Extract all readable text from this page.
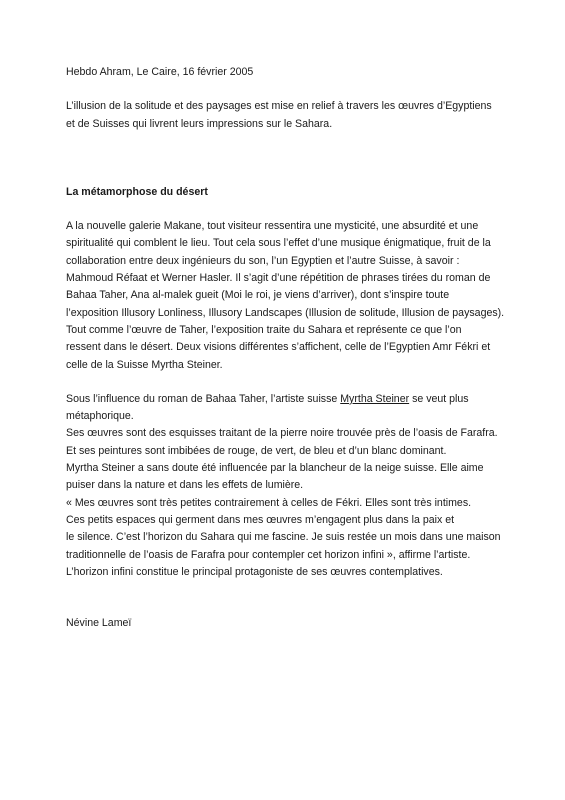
Hebdo Ahram, Le Caire, 16 février 2005
L’illusion de la solitude et des paysages est mise en relief à travers les œuvres d’Egyptiens
et de Suisses qui livrent leurs impressions sur le Sahara.
La métamorphose du désert
A la nouvelle galerie Makane, tout visiteur ressentira une mysticité, une absurdité et une
spiritualité qui comblent le lieu. Tout cela sous l’effet d’une musique énigmatique, fruit de la
collaboration entre deux ingénieurs du son, l’un Egyptien et l’autre Suisse, à savoir :
Mahmoud Réfaat et Werner Hasler. Il s’agit d’une répétition de phrases tirées du roman de
Bahaa Taher, Ana al-malek gueit (Moi le roi, je viens d’arriver), dont s’inspire toute
l’exposition Illusory Lonliness, Illusory Landscapes (Illusion de solitude, Illusion de paysages).
Tout comme l’œuvre de Taher, l’exposition traite du Sahara et représente ce que l’on
ressent dans le désert. Deux visions différentes s’affichent, celle de l’Egyptien Amr Fékri et
celle de la Suisse Myrtha Steiner.
Sous l’influence du roman de Bahaa Taher, l’artiste suisse Myrtha Steiner se veut plus
métaphorique.
Ses œuvres sont des esquisses traitant de la pierre noire trouvée près de l’oasis de Farafra.
Et ses peintures sont imbibées de rouge, de vert, de bleu et d’un blanc dominant.
Myrtha Steiner a sans doute été influencée par la blancheur de la neige suisse. Elle aime
puiser dans la nature et dans les effets de lumière.
« Mes œuvres sont très petites contrairement à celles de Fékri. Elles sont très intimes.
Ces petits espaces qui germent dans mes œuvres m’engagent plus dans la paix et
le silence. C’est l’horizon du Sahara qui me fascine. Je suis restée un mois dans une maison
traditionnelle de l’oasis de Farafra pour contempler cet horizon infini », affirme l’artiste.
L’horizon infini constitue le principal protagoniste de ses œuvres contemplatives.
Névine Lameï
